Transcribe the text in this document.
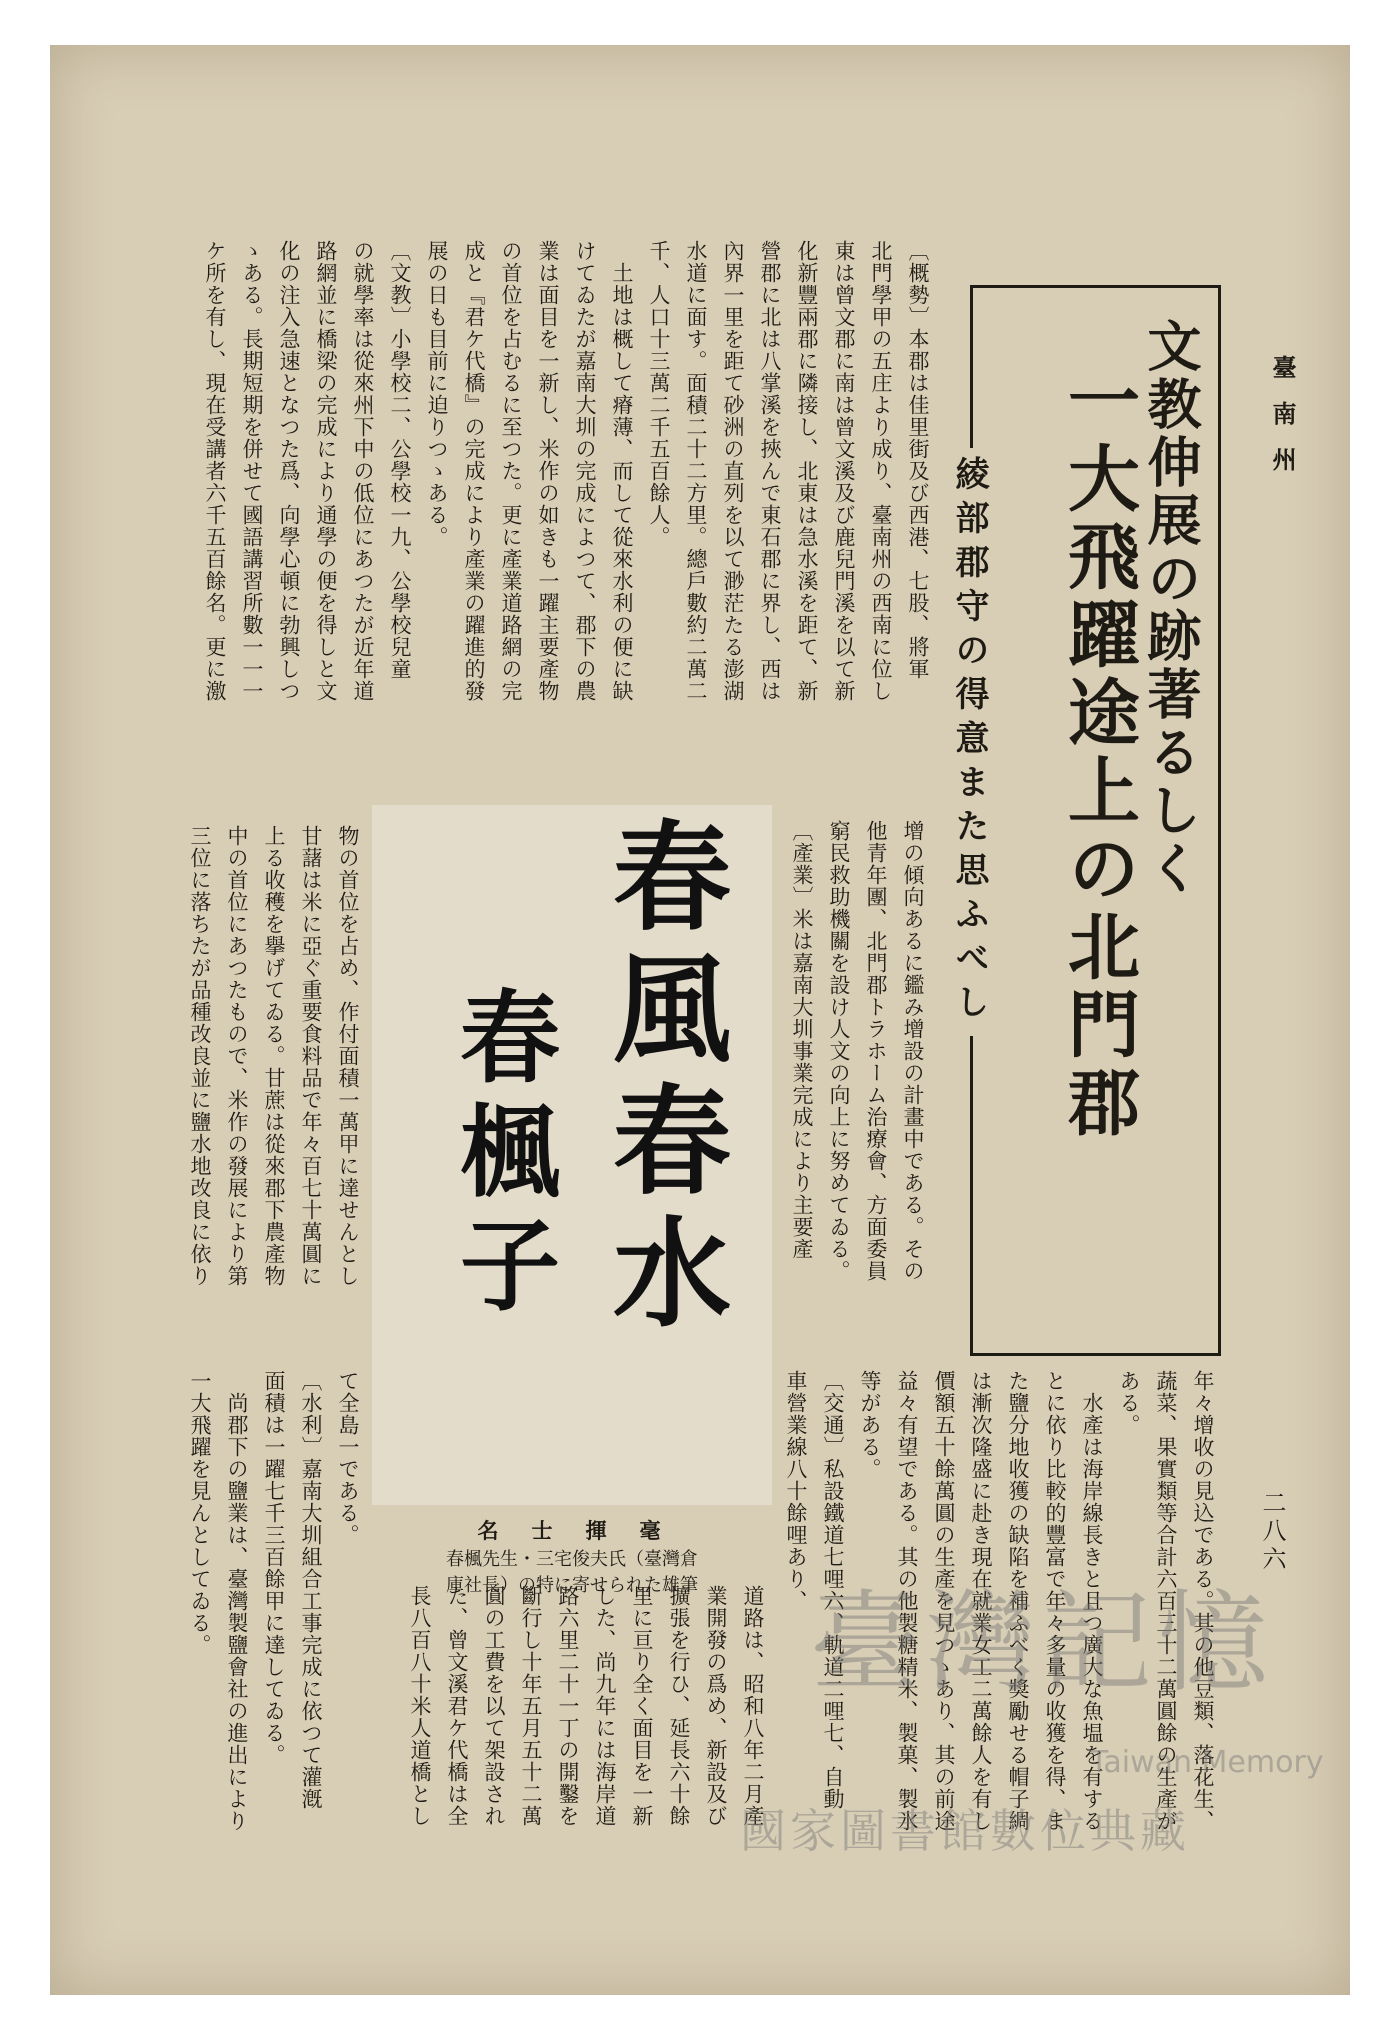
臺南州
文教伸展の跡著るしく
一大飛躍途上の北門郡
綾部郡守の得意また思ふべし
〔概勢〕本郡は佳里街及び西港、七股、將軍
北門學甲の五庄より成り、臺南州の西南に位し
東は曾文郡に南は曾文溪及び鹿兒門溪を以て新
化新豐兩郡に隣接し、北東は急水溪を距て、新
營郡に北は八掌溪を挾んで東石郡に界し、西は
內界一里を距て砂洲の直列を以て渺茫たる澎湖
水道に面す。面積二十二方里。總戶數約二萬二
千、人口十三萬二千五百餘人。
　土地は概して瘠薄、而して從來水利の便に缺
けてゐたが嘉南大圳の完成によつて、郡下の農
業は面目を一新し、米作の如きも一躍主要產物
の首位を占むるに至つた。更に產業道路網の完
成と『君ケ代橋』の完成により產業の躍進的發
展の日も目前に迫りつゝある。
〔文教〕小學校二、公學校一九、公學校兒童
の就學率は從來州下中の低位にあつたが近年道
路網並に橋梁の完成により通學の便を得しと文
化の注入急速となつた爲、向學心頓に勃興しつ
ゝある。長期短期を併せて國語講習所數一一一
ケ所を有し、現在受講者六千五百餘名。更に激
增の傾向あるに鑑み增設の計畫中である。その
他青年團、北門郡トラホーム治療會、方面委員
窮民救助機關を設け人文の向上に努めてゐる。
〔產業〕米は嘉南大圳事業完成により主要產
物の首位を占め、作付面積一萬甲に達せんとし
甘藷は米に亞ぐ重要食料品で年々百七十萬圓に
上る收穫を擧げてゐる。甘蔗は從來郡下農產物
中の首位にあつたもので、米作の發展により第
三位に落ちたが品種改良並に鹽水地改良に依り	春風春水
春楓子
名　士　揮　毫
春楓先生・三宅俊夫氏（臺灣倉
庫社長）の特に寄せられた雄筆	年々增收の見込である。其の他豆類、落花生、
蔬菜、果實類等合計六百三十二萬圓餘の生產が
ある。
　水產は海岸線長きと且つ廣大な魚塭を有する
とに依り比較的豐富で年々多量の收獲を得、ま
た鹽分地收獲の缺陷を補ふべく獎勵せる帽子綢
は漸次隆盛に赴き現在就業女工二萬餘人を有し
價額五十餘萬圓の生產を見つゝあり、其の前途
益々有望である。其の他製糖精米、製菓、製氷
等がある。
〔交通〕私設鐵道七哩六、軌道二哩七、自動
車營業線八十餘哩あり、
道路は、昭和八年二月產
業開發の爲め、新設及び
擴張を行ひ、延長六十餘
里に亘り全く面目を一新
した、尚九年には海岸道
路六里二十一丁の開鑿を
斷行し十年五月五十二萬
圓の工費を以て架設され
た、曾文溪君ケ代橋は全
長八百八十米人道橋とし
て全島一である。
〔水利〕嘉南大圳組合工事完成に依つて灌漑
面積は一躍七千三百餘甲に達してゐる。
　尚郡下の鹽業は、臺灣製鹽會社の進出により
一大飛躍を見んとしてゐる。	二八六
臺灣記憶
Taiwan Memory
國家圖書館數位典藏
